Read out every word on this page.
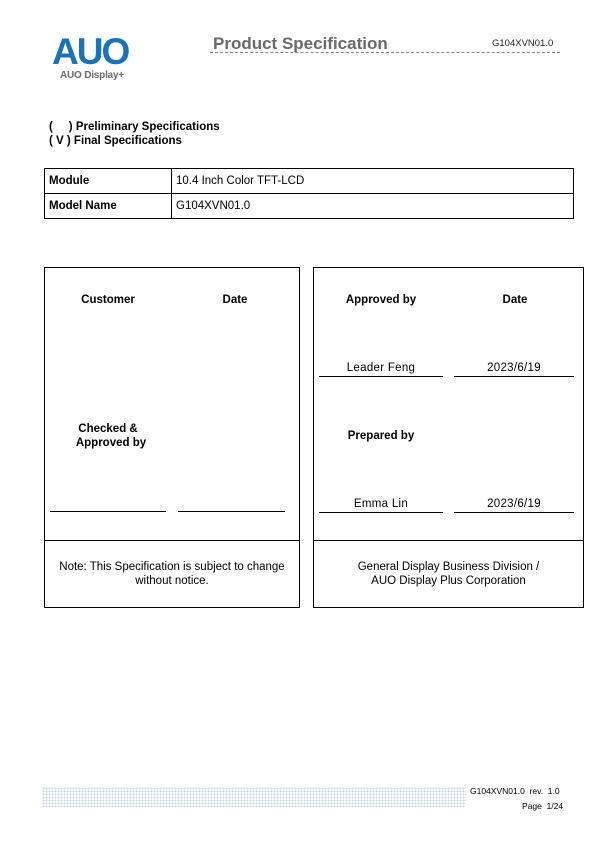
AUO
AUO Display+
Product Specification	G104XVN01.0
(     ) Preliminary Specifications
( V ) Final Specifications
Module	10.4 Inch Color TFT-LCD
Model Name	G104XVN01.0
Customer	Date
Checked &
Approved by
Note: This Specification is subject to change
without notice.
Approved by	Date
Leader Feng	2023/6/19
Prepared by
Emma Lin	2023/6/19
General Display Business Division /
AUO Display Plus Corporation
G104XVN01.0  rev.  1.0
Page  1/24
